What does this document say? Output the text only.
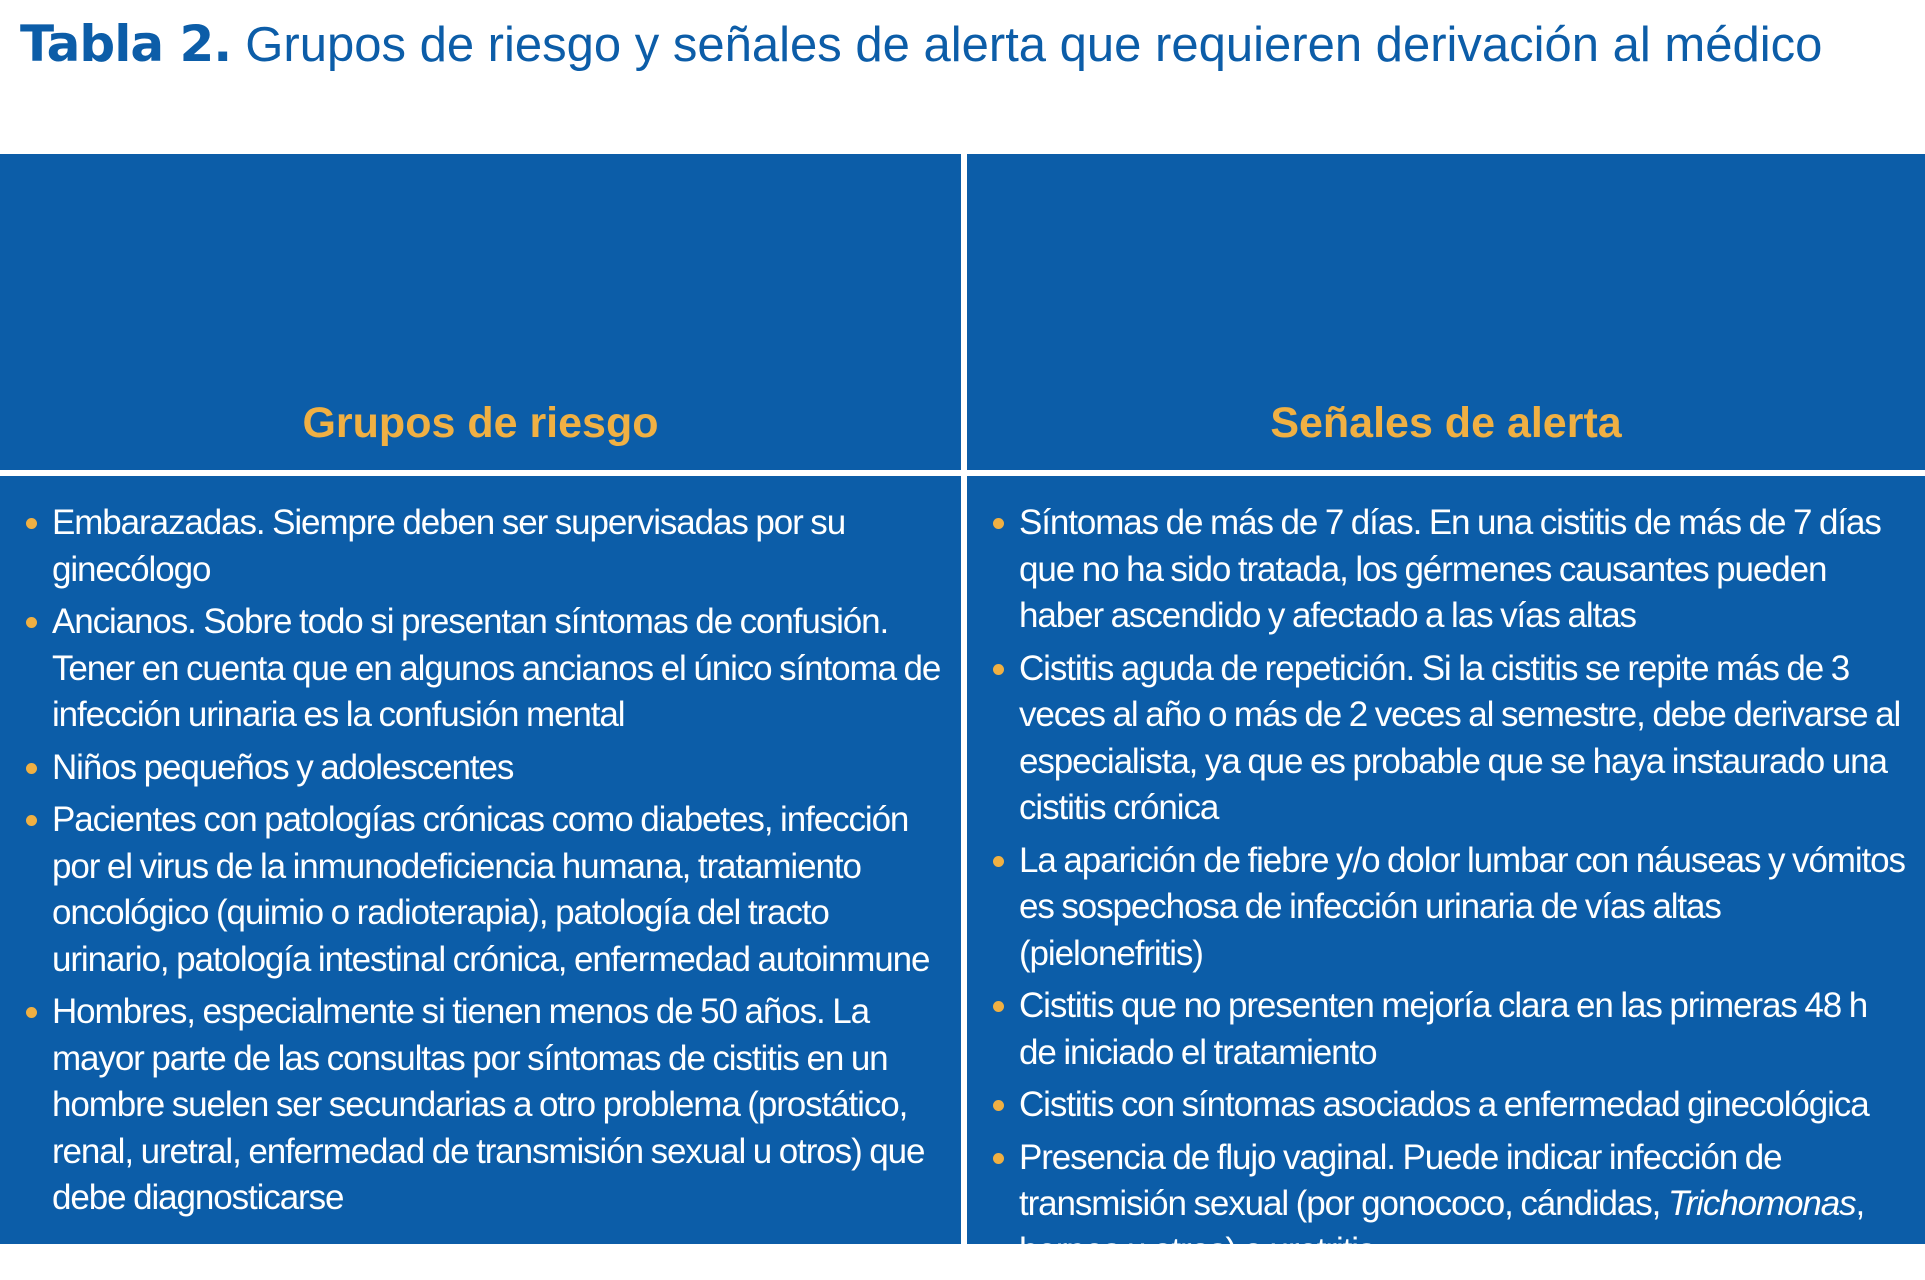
Tabla 2. Grupos de riesgo y señales de alerta que requieren derivación al médico
Grupos de riesgo	Señales de alerta
Embarazadas. Siempre deben ser supervisadas por su ginecólogo
Ancianos. Sobre todo si presentan síntomas de confusión. Tener en cuenta que en algunos ancianos el único síntoma de infección urinaria es la confusión mental
Niños pequeños y adolescentes
Pacientes con patologías crónicas como diabetes, infección por el virus de la inmunodeficiencia humana, tratamiento oncológico (quimio o radioterapia), patología del tracto urinario, patología intestinal crónica, enfermedad autoinmune
Hombres, especialmente si tienen menos de 50 años. La mayor parte de las consultas por síntomas de cistitis en un hombre suelen ser secundarias a otro problema (prostático, renal, uretral, enfermedad de transmisión sexual u otros) que debe diagnosticarse
Síntomas de más de 7 días. En una cistitis de más de 7 días que no ha sido tratada, los gérmenes causantes pueden haber ascendido y afectado a las vías altas
Cistitis aguda de repetición. Si la cistitis se repite más de 3 veces al año o más de 2 veces al semestre, debe derivarse al especialista, ya que es probable que se haya instaurado una cistitis crónica
La aparición de fiebre y/o dolor lumbar con náuseas y vómitos es sospechosa de infección urinaria de vías altas (pielonefritis)
Cistitis que no presenten mejoría clara en las primeras 48 h de iniciado el tratamiento
Cistitis con síntomas asociados a enfermedad ginecológica
Presencia de flujo vaginal. Puede indicar infección de transmisión sexual (por gonococo, cándidas, Trichomonas, herpes u otros) o uretritis
